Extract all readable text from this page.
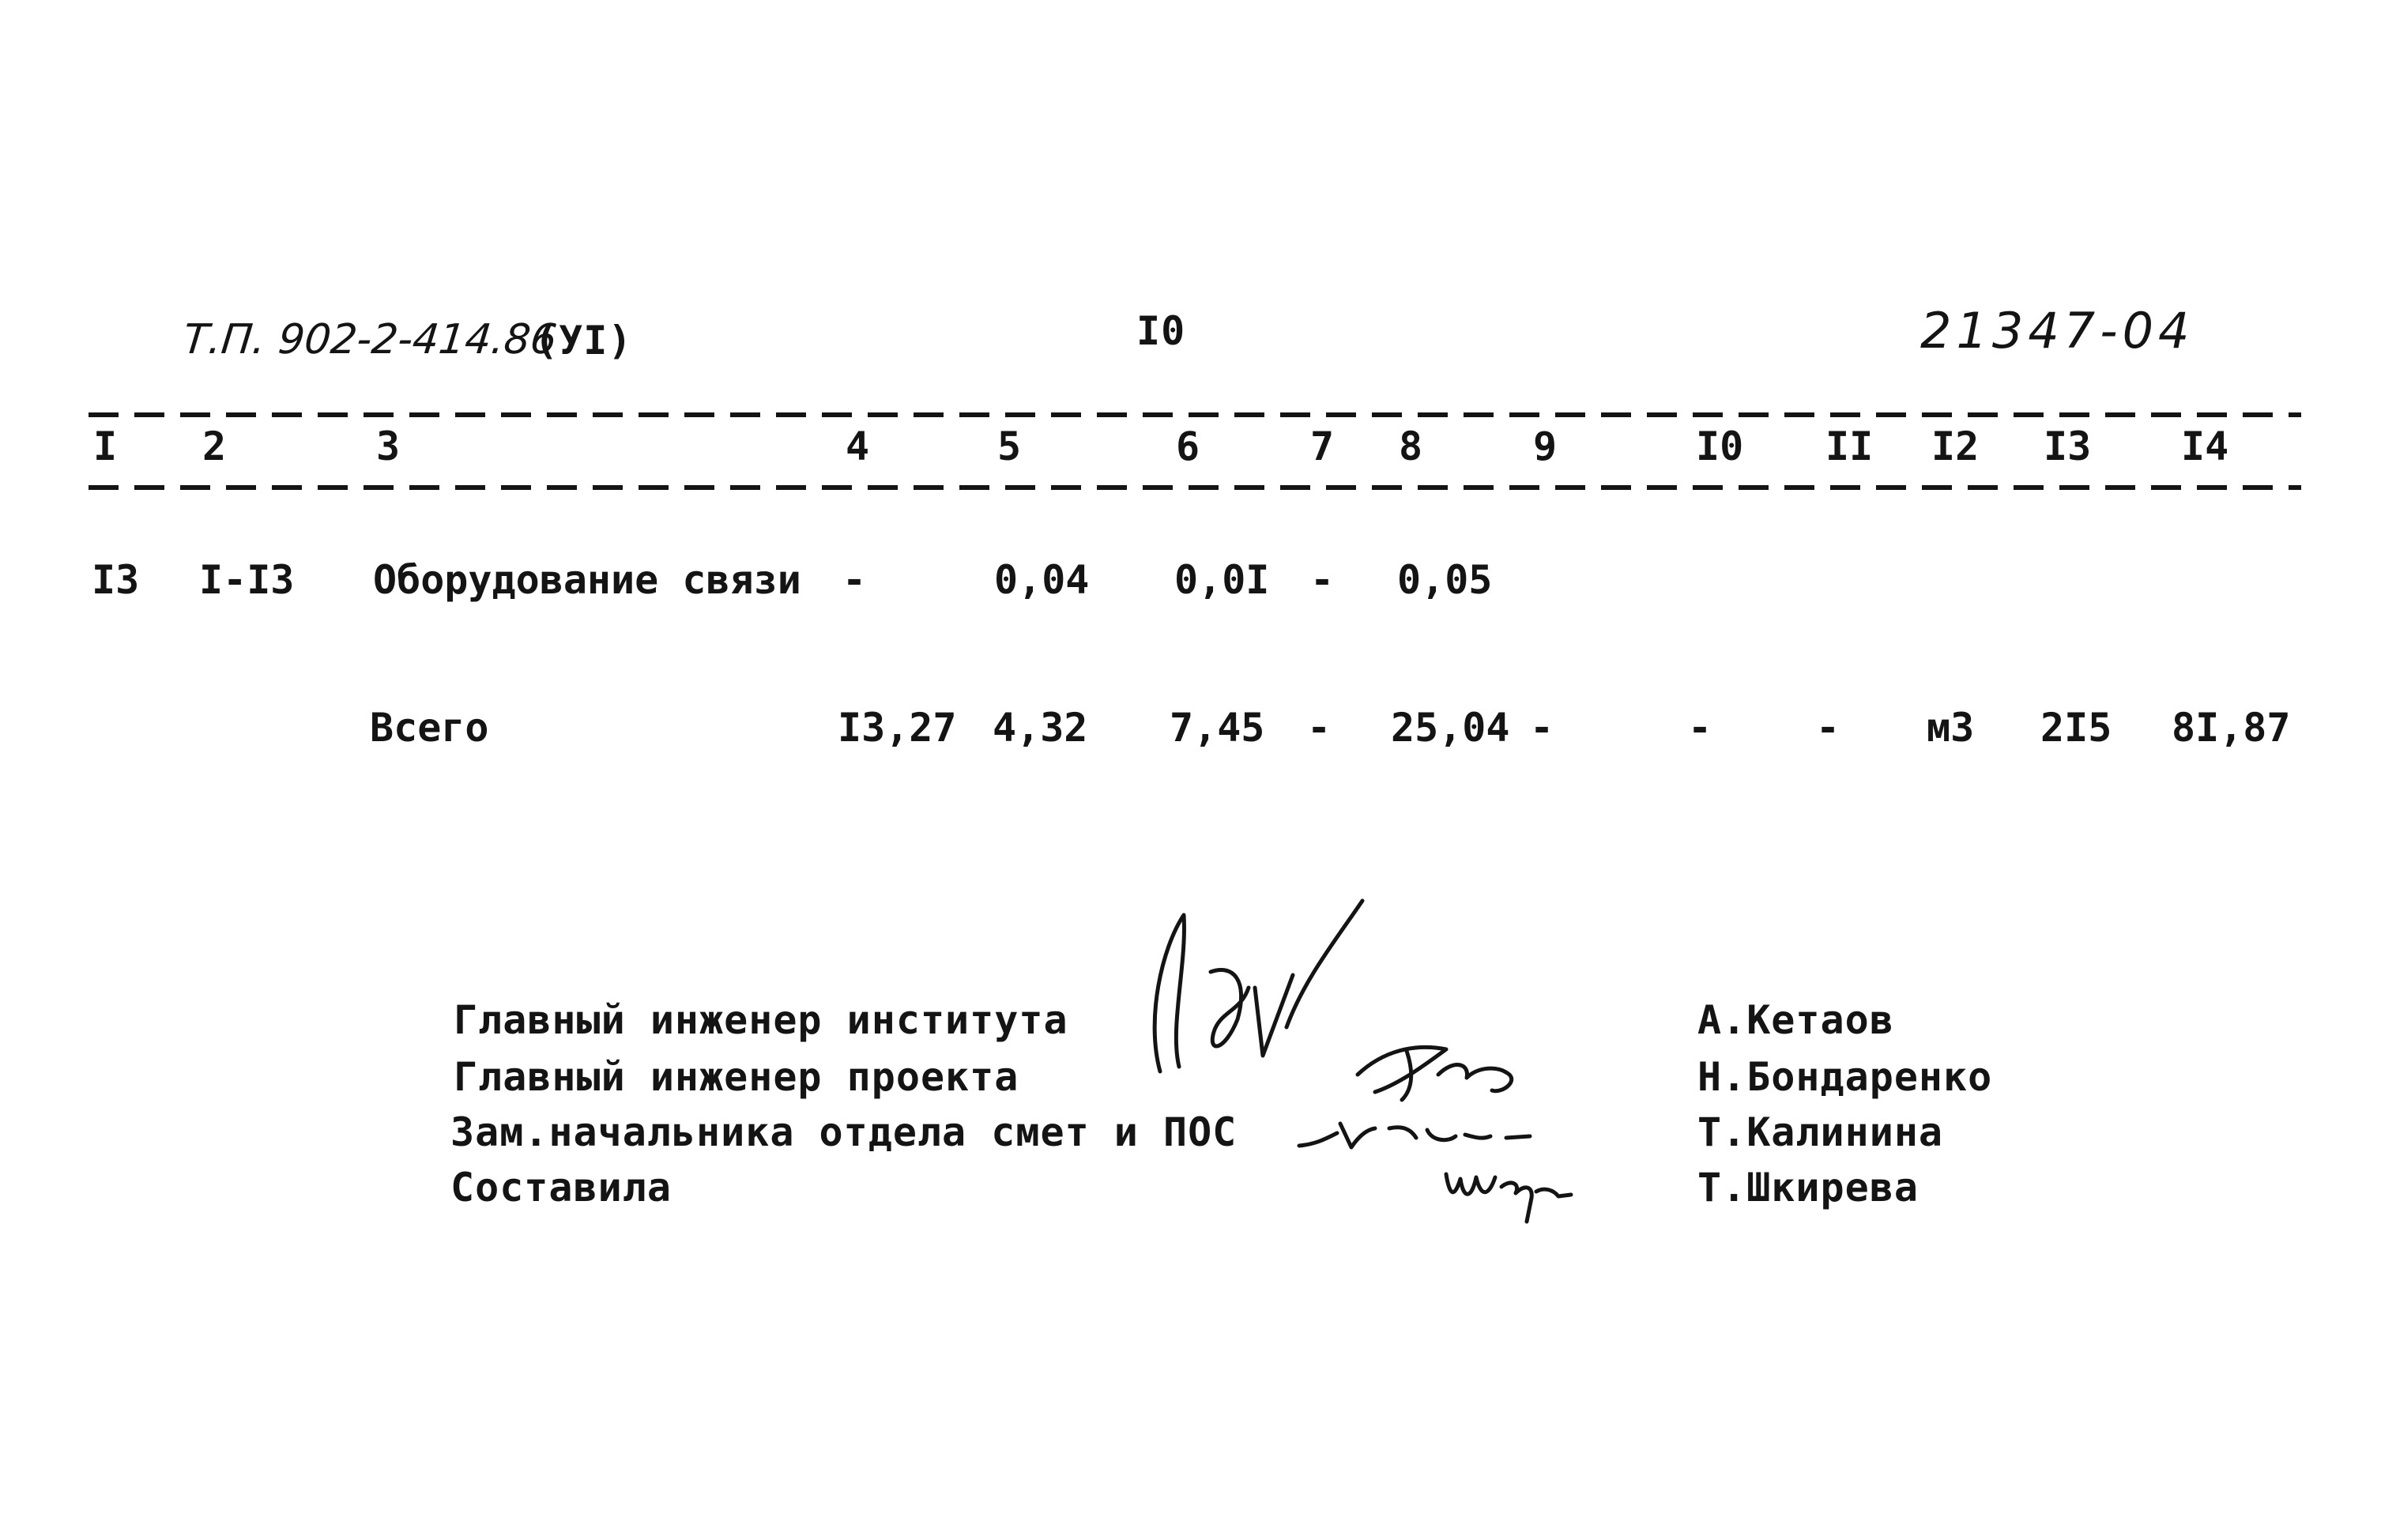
Т.П. 902-2-414.86
(УI)	I0	21347-04
I 2	3	4	5	6	7 8	9	I0 II I2 I3 I4
I3 I-I3 Оборудование связи -	0,04 0,0I - 0,05
Всего	I3,27 4,32 7,45 - 25,04 -	-	- м3 2I5 8I,87
Главный инженер института
Главный инженер проекта
Зам.начальника отдела смет и ПОС
Составила
А.Кетаов
Н.Бондаренко
Т.Калинина
Т.Шкирева
